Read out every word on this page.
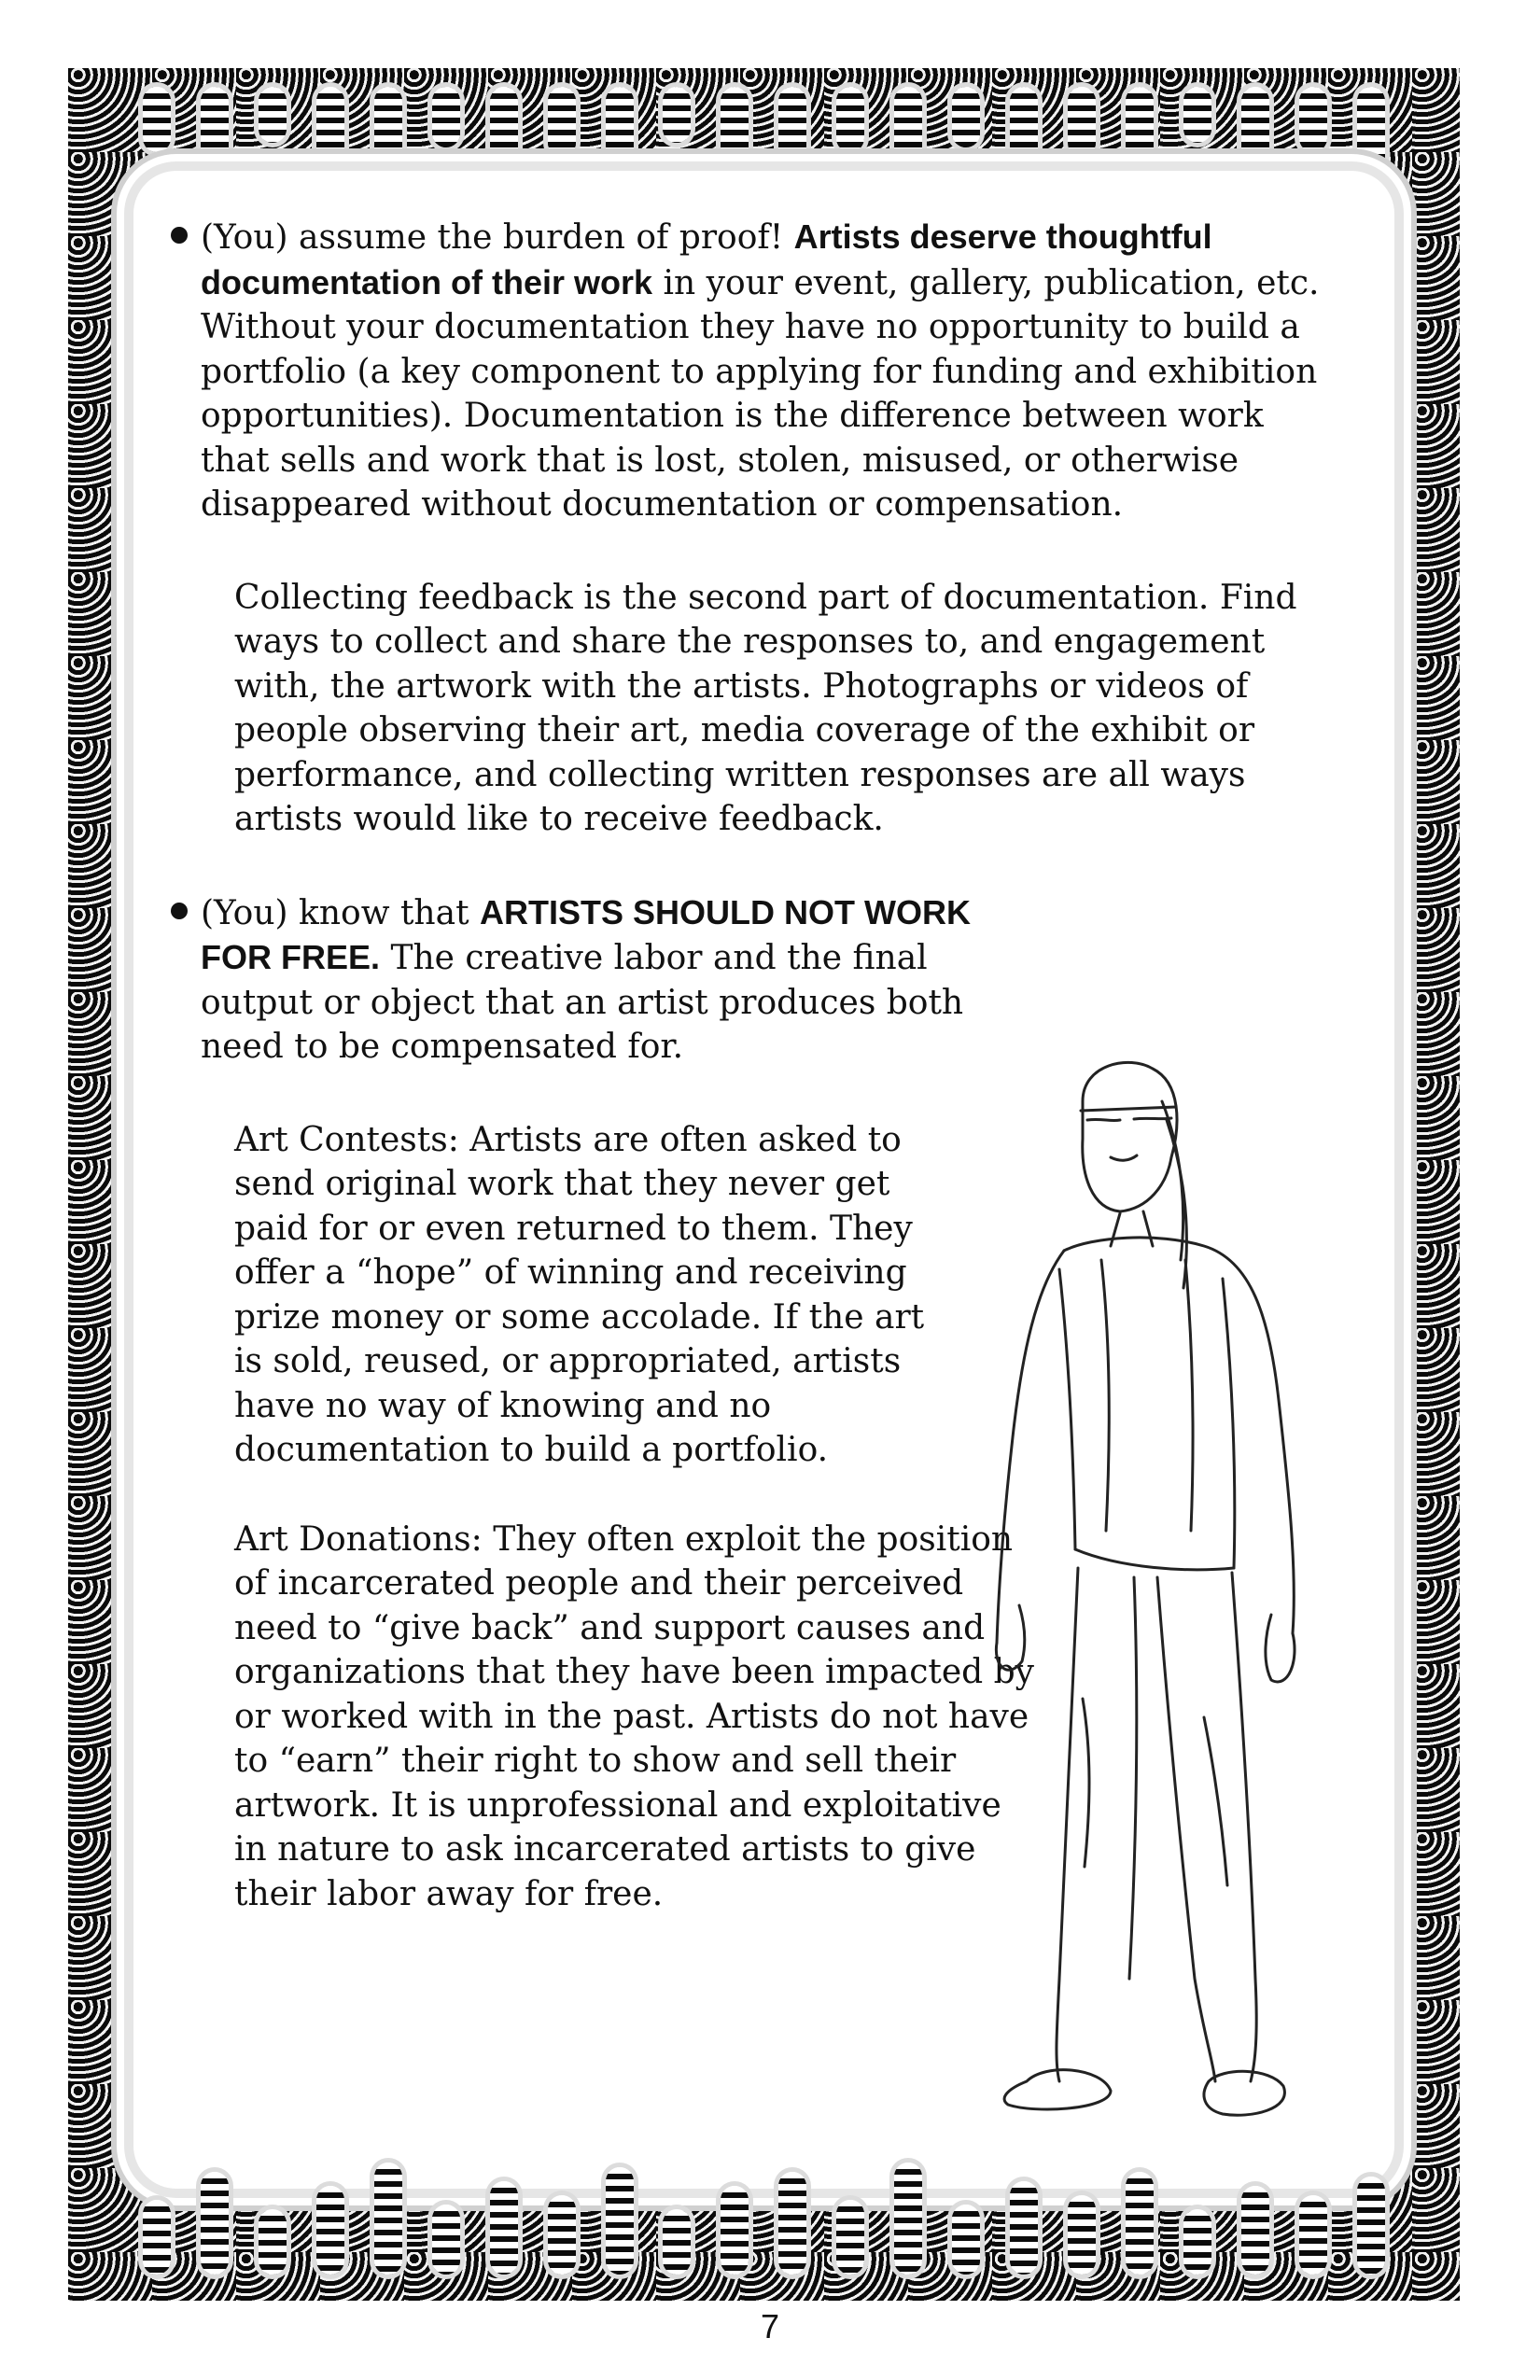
(You) assume the burden of proof! Artists deserve thoughtful documentation of their work in your event, gallery, publication, etc. Without your documentation they have no opportunity to build a portfolio (a key component to applying for funding and exhibition opportunities). Documentation is the difference between work that sells and work that is lost, stolen, misused, or otherwise disappeared without documentation or compensation.

Collecting feedback is the second part of documentation. Find ways to collect and share the responses to, and engagement with, the artwork with the artists. Photographs or videos of people observing their art, media coverage of the exhibit or performance, and collecting written responses are all ways artists would like to receive feedback.

(You) know that ARTISTS SHOULD NOT WORK FOR FREE. The creative labor and the final output or object that an artist produces both need to be compensated for.

Art Contests: Artists are often asked to send original work that they never get paid for or even returned to them. They offer a “hope” of winning and receiving prize money or some accolade. If the art is sold, reused, or appropriated, artists have no way of knowing and no documentation to build a portfolio.

Art Donations: They often exploit the position of incarcerated people and their perceived need to “give back” and support causes and organizations that they have been impacted by or worked with in the past. Artists do not have to “earn” their right to show and sell their artwork. It is unprofessional and exploitative in nature to ask incarcerated artists to give their labor away for free.

7
